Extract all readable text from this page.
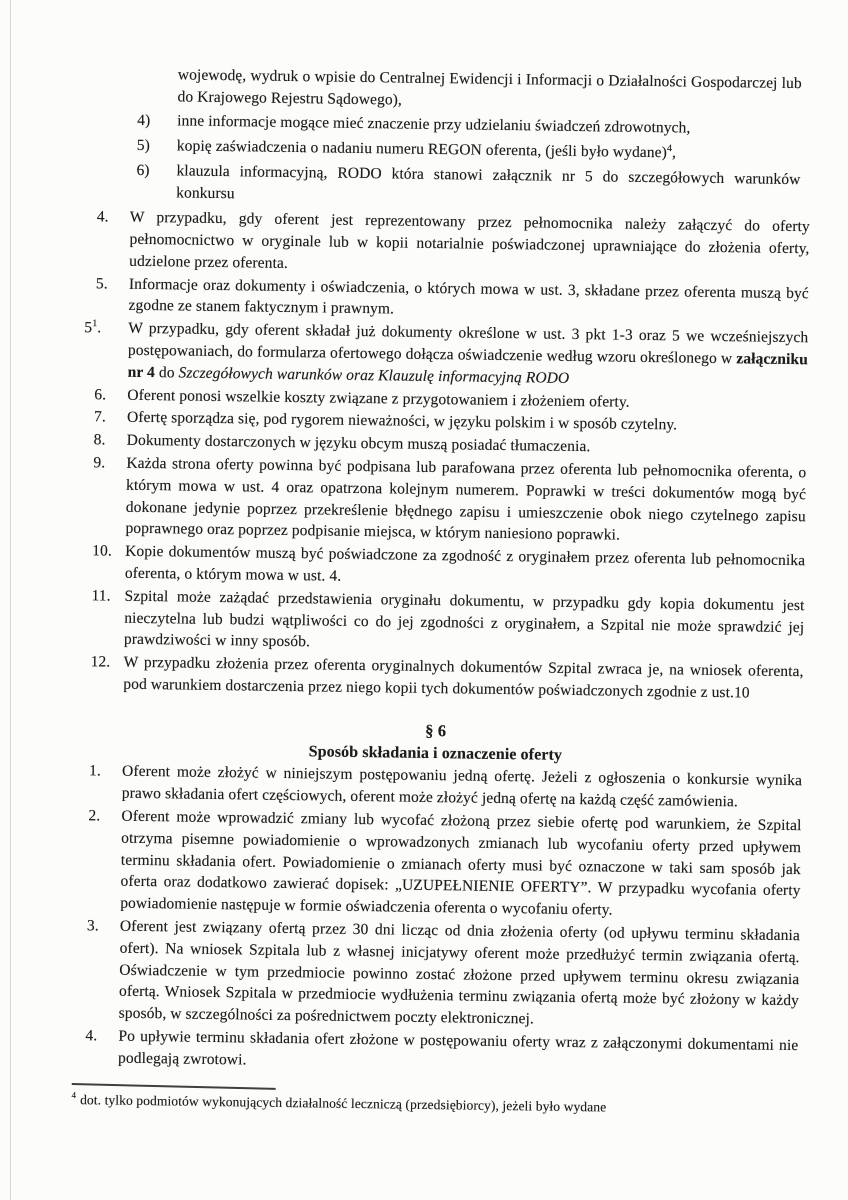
wojewodę, wydruk o wpisie do Centralnej Ewidencji i Informacji o Działalności Gospodarczej lub do Krajowego Rejestru Sądowego),

4) inne informacje mogące mieć znaczenie przy udzielaniu świadczeń zdrowotnych,

5) kopię zaświadczenia o nadaniu numeru REGON oferenta, (jeśli było wydane)$^4$,

6) klauzula informacyjną, RODO która stanowi załącznik nr 5 do szczegółowych warunków konkursu

4. W przypadku, gdy oferent jest reprezentowany przez pełnomocnika należy załączyć do oferty pełnomocnictwo w oryginale lub w kopii notarialnie poświadczonej uprawniające do złożenia oferty, udzielone przez oferenta.

5. Informacje oraz dokumenty i oświadczenia, o których mowa w ust. 3, składane przez oferenta muszą być zgodne ze stanem faktycznym i prawnym.

$5^1$. W przypadku, gdy oferent składał już dokumenty określone w ust. 3 pkt 1-3 oraz 5 we wcześniejszych postępowaniach, do formularza ofertowego dołącza oświadczenie według wzoru określonego w załączniku nr 4 do Szczegółowych warunków oraz Klauzulę informacyjną RODO

6. Oferent ponosi wszelkie koszty związane z przygotowaniem i złożeniem oferty.

7. Ofertę sporządza się, pod rygorem nieważności, w języku polskim i w sposób czytelny.

8. Dokumenty dostarczonych w języku obcym muszą posiadać tłumaczenia.

9. Każda strona oferty powinna być podpisana lub parafowana przez oferenta lub pełnomocnika oferenta, o którym mowa w ust. 4 oraz opatrzona kolejnym numerem. Poprawki w treści dokumentów mogą być dokonane jedynie poprzez przekreślenie błędnego zapisu i umieszczenie obok niego czytelnego zapisu poprawnego oraz poprzez podpisanie miejsca, w którym naniesiono poprawki.

10. Kopie dokumentów muszą być poświadczone za zgodność z oryginałem przez oferenta lub pełnomocnika oferenta, o którym mowa w ust. 4.

11. Szpital może zażądać przedstawienia oryginału dokumentu, w przypadku gdy kopia dokumentu jest nieczytelna lub budzi wątpliwości co do jej zgodności z oryginałem, a Szpital nie może sprawdzić jej prawdziwości w inny sposób.

12. W przypadku złożenia przez oferenta oryginalnych dokumentów Szpital zwraca je, na wniosek oferenta, pod warunkiem dostarczenia przez niego kopii tych dokumentów poświadczonych zgodnie z ust.10

§ 6

Sposób składania i oznaczenie oferty

1. Oferent może złożyć w niniejszym postępowaniu jedną ofertę. Jeżeli z ogłoszenia o konkursie wynika prawo składania ofert częściowych, oferent może złożyć jedną ofertę na każdą część zamówienia.

2. Oferent może wprowadzić zmiany lub wycofać złożoną przez siebie ofertę pod warunkiem, że Szpital otrzyma pisemne powiadomienie o wprowadzonych zmianach lub wycofaniu oferty przed upływem terminu składania ofert. Powiadomienie o zmianach oferty musi być oznaczone w taki sam sposób jak oferta oraz dodatkowo zawierać dopisek: „UZUPEŁNIENIE OFERTY”. W przypadku wycofania oferty powiadomienie następuje w formie oświadczenia oferenta o wycofaniu oferty.

3. Oferent jest związany ofertą przez 30 dni licząc od dnia złożenia oferty (od upływu terminu składania ofert). Na wniosek Szpitala lub z własnej inicjatywy oferent może przedłużyć termin związania ofertą. Oświadczenie w tym przedmiocie powinno zostać złożone przed upływem terminu okresu związania ofertą. Wniosek Szpitala w przedmiocie wydłużenia terminu związania ofertą może być złożony w każdy sposób, w szczególności za pośrednictwem poczty elektronicznej.

4. Po upływie terminu składania ofert złożone w postępowaniu oferty wraz z załączonymi dokumentami nie podlegają zwrotowi.

$^4$ dot. tylko podmiotów wykonujących działalność leczniczą (przedsiębiorcy), jeżeli było wydane
